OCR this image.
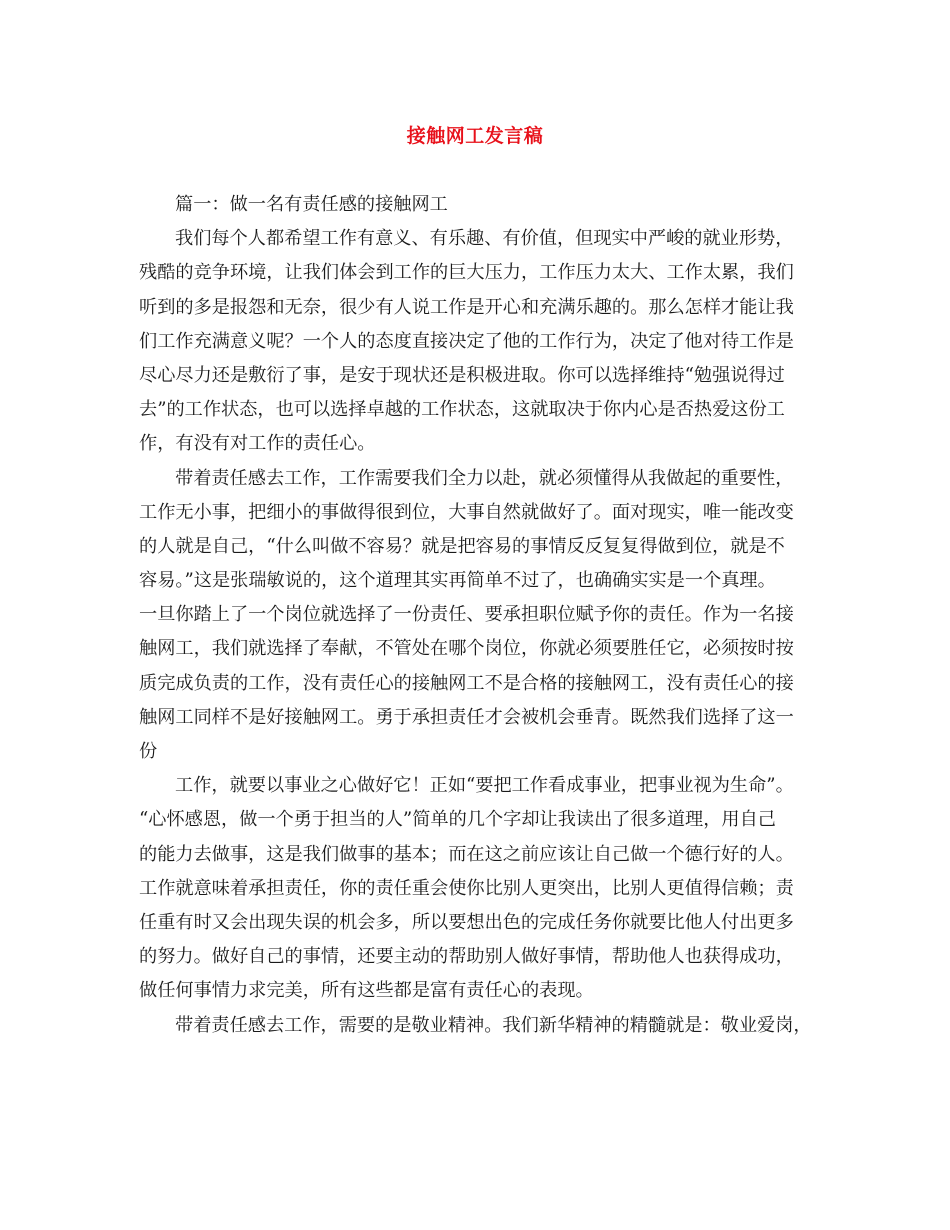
接触网工发言稿
篇一：做一名有责任感的接触网工
我们每个人都希望工作有意义、有乐趣、有价值，但现实中严峻的就业形势，
残酷的竞争环境，让我们体会到工作的巨大压力，工作压力太大、工作太累，我们
听到的多是报怨和无奈，很少有人说工作是开心和充满乐趣的。那么怎样才能让我
们工作充满意义呢？一个人的态度直接决定了他的工作行为，决定了他对待工作是
尽心尽力还是敷衍了事，是安于现状还是积极进取。你可以选择维持“勉强说得过
去”的工作状态，也可以选择卓越的工作状态，这就取决于你内心是否热爱这份工
作，有没有对工作的责任心。
带着责任感去工作，工作需要我们全力以赴，就必须懂得从我做起的重要性，
工作无小事，把细小的事做得很到位，大事自然就做好了。面对现实，唯一能改变
的人就是自己，“什么叫做不容易？就是把容易的事情反反复复得做到位，就是不
容易。”这是张瑞敏说的，这个道理其实再简单不过了，也确确实实是一个真理。
一旦你踏上了一个岗位就选择了一份责任、要承担职位赋予你的责任。作为一名接
触网工，我们就选择了奉献，不管处在哪个岗位，你就必须要胜任它，必须按时按
质完成负责的工作，没有责任心的接触网工不是合格的接触网工，没有责任心的接
触网工同样不是好接触网工。勇于承担责任才会被机会垂青。既然我们选择了这一
份
工作，就要以事业之心做好它！正如“要把工作看成事业，把事业视为生命”。
“心怀感恩，做一个勇于担当的人”简单的几个字却让我读出了很多道理，用自己
的能力去做事，这是我们做事的基本；而在这之前应该让自己做一个德行好的人。
工作就意味着承担责任，你的责任重会使你比别人更突出，比别人更值得信赖；责
任重有时又会出现失误的机会多，所以要想出色的完成任务你就要比他人付出更多
的努力。做好自己的事情，还要主动的帮助别人做好事情，帮助他人也获得成功，
做任何事情力求完美，所有这些都是富有责任心的表现。
带着责任感去工作，需要的是敬业精神。我们新华精神的精髓就是：敬业爱岗，
